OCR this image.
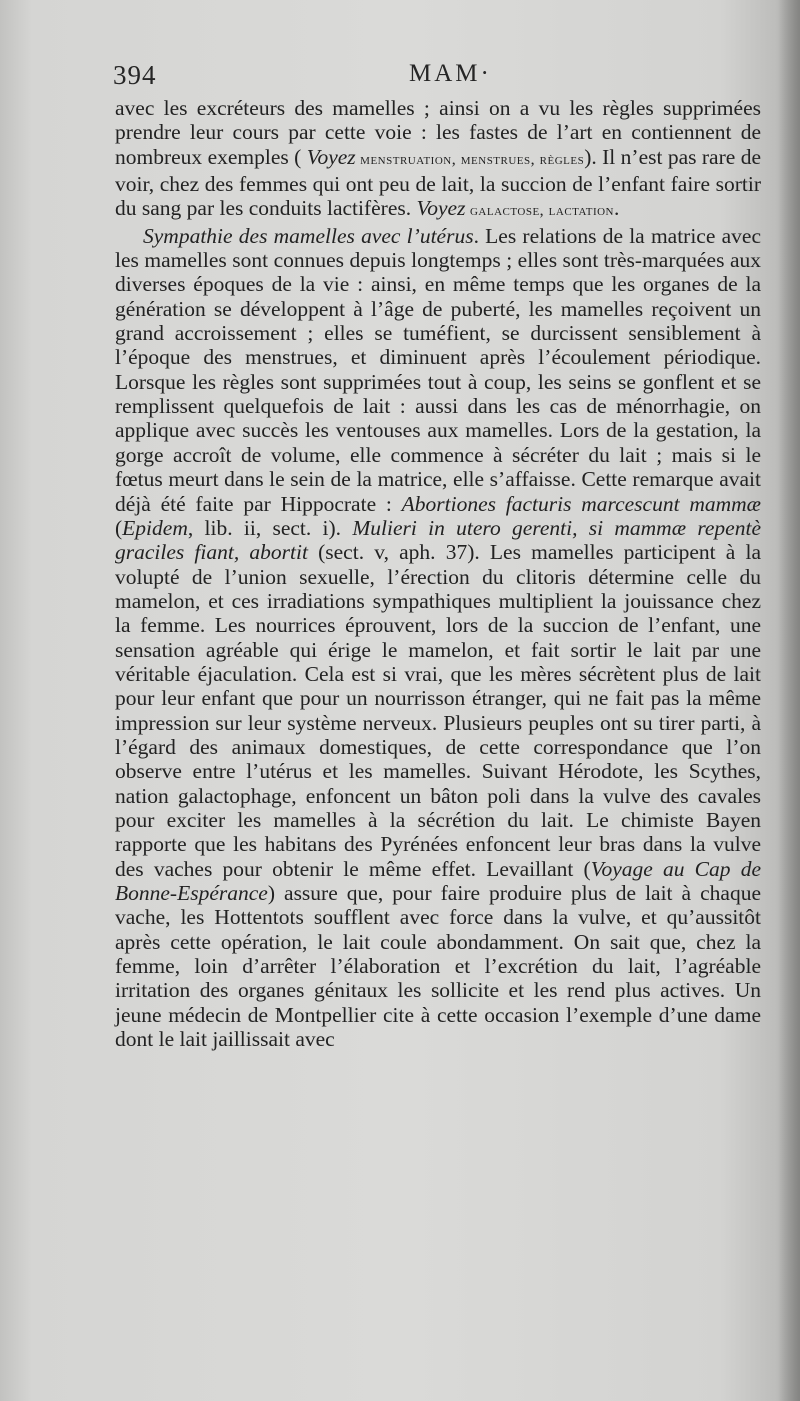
394	MAM·

avec les excréteurs des mamelles ; ainsi on a vu les règles supprimées prendre leur cours par cette voie : les fastes de l’art en contiennent de nombreux exemples ( Voyez menstruation, menstrues, règles). Il n’est pas rare de voir, chez des femmes qui ont peu de lait, la succion de l’enfant faire sortir du sang par les conduits lactifères. Voyez galactose, lactation.

Sympathie des mamelles avec l’utérus. Les relations de la matrice avec les mamelles sont connues depuis longtemps ; elles sont très-marquées aux diverses époques de la vie : ainsi, en même temps que les organes de la génération se développent à l’âge de puberté, les mamelles reçoivent un grand accroissement ; elles se tuméfient, se durcissent sensiblement à l’époque des menstrues, et diminuent après l’écoulement périodique. Lorsque les règles sont supprimées tout à coup, les seins se gonflent et se remplissent quelquefois de lait : aussi dans les cas de ménorrhagie, on applique avec succès les ventouses aux mamelles. Lors de la gestation, la gorge accroît de volume, elle commence à sécréter du lait ; mais si le fœtus meurt dans le sein de la matrice, elle s’affaisse. Cette remarque avait déjà été faite par Hippocrate : Abortiones facturis marcescunt mammæ (Epidem, lib. ii, sect. i). Mulieri in utero gerenti, si mammæ repentè graciles fiant, abortit (sect. v, aph. 37). Les mamelles participent à la volupté de l’union sexuelle, l’érection du clitoris détermine celle du mamelon, et ces irradiations sympathiques multiplient la jouissance chez la femme. Les nourrices éprouvent, lors de la succion de l’enfant, une sensation agréable qui érige le mamelon, et fait sortir le lait par une véritable éjaculation. Cela est si vrai, que les mères sécrètent plus de lait pour leur enfant que pour un nourrisson étranger, qui ne fait pas la même impression sur leur système nerveux. Plusieurs peuples ont su tirer parti, à l’égard des animaux domestiques, de cette correspondance que l’on observe entre l’utérus et les mamelles. Suivant Hérodote, les Scythes, nation galactophage, enfoncent un bâton poli dans la vulve des cavales pour exciter les mamelles à la sécrétion du lait. Le chimiste Bayen rapporte que les habitans des Pyrénées enfoncent leur bras dans la vulve des vaches pour obtenir le même effet. Levaillant (Voyage au Cap de Bonne-Espérance) assure que, pour faire produire plus de lait à chaque vache, les Hottentots soufflent avec force dans la vulve, et qu’aussitôt après cette opération, le lait coule abondamment. On sait que, chez la femme, loin d’arrêter l’élaboration et l’excrétion du lait, l’agréable irritation des organes génitaux les sollicite et les rend plus actives. Un jeune médecin de Montpellier cite à cette occasion l’exemple d’une dame dont le lait jaillissait avec
